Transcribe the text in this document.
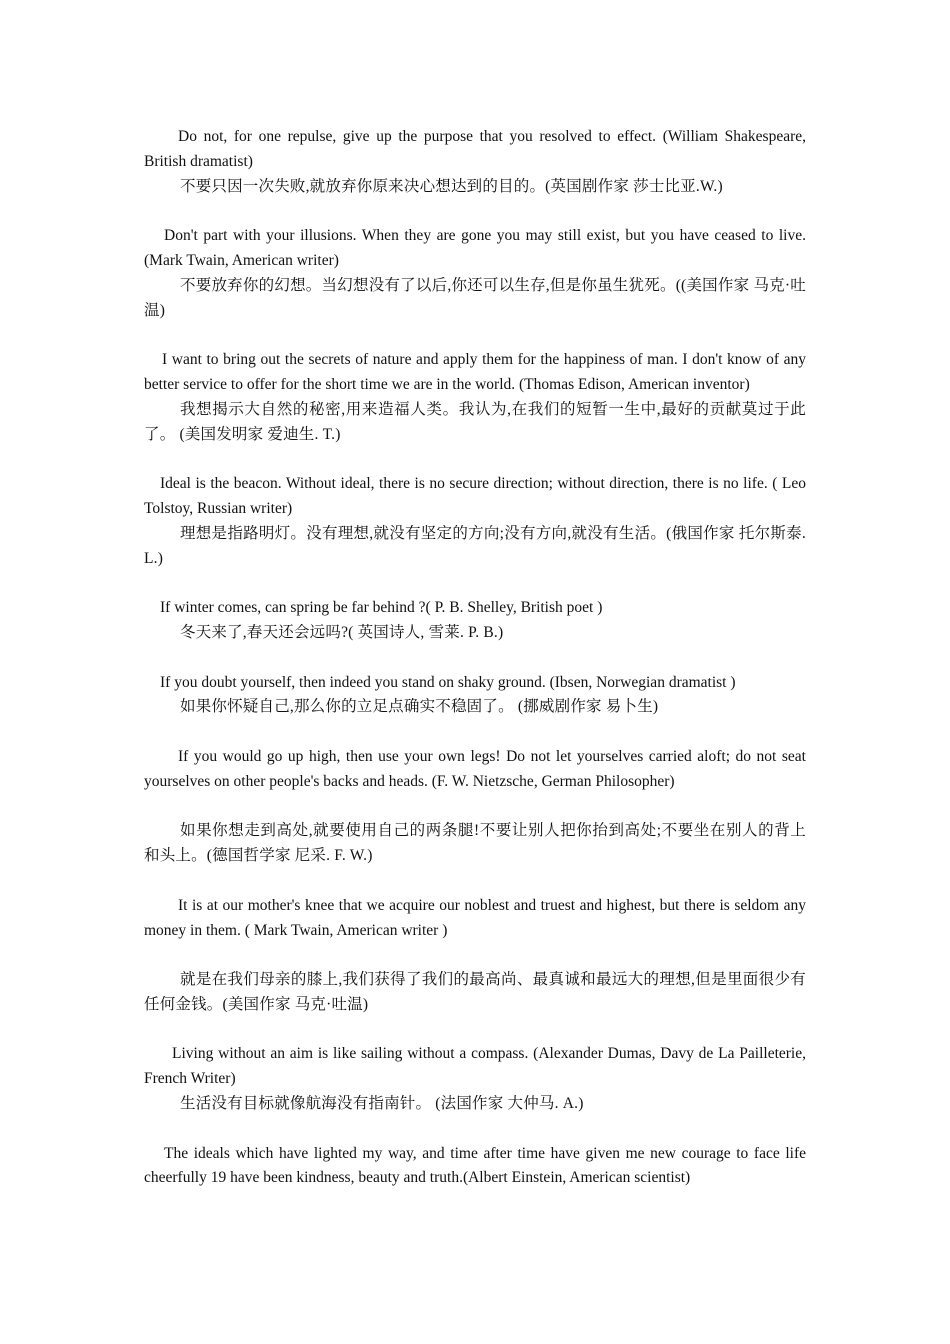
Do not, for one repulse, give up the purpose that you resolved to effect. (William Shakespeare, British dramatist)

不要只因一次失败,就放弃你原来决心想达到的目的。(英国剧作家 莎士比亚.W.)

Don't part with your illusions. When they are gone you may still exist, but you have ceased to live. (Mark Twain, American writer)

不要放弃你的幻想。当幻想没有了以后,你还可以生存,但是你虽生犹死。((美国作家 马克·吐温)

I want to bring out the secrets of nature and apply them for the happiness of man. I don't know of any better service to offer for the short time we are in the world. (Thomas Edison, American inventor)

我想揭示大自然的秘密,用来造福人类。我认为,在我们的短暂一生中,最好的贡献莫过于此了。 (美国发明家 爱迪生. T.)

Ideal is the beacon. Without ideal, there is no secure direction; without direction, there is no life. ( Leo Tolstoy, Russian writer)

理想是指路明灯。没有理想,就没有坚定的方向;没有方向,就没有生活。(俄国作家 托尔斯泰. L.)

If winter comes, can spring be far behind ?( P. B. Shelley, British poet )

冬天来了,春天还会远吗?( 英国诗人, 雪莱. P. B.)

If you doubt yourself, then indeed you stand on shaky ground. (Ibsen, Norwegian dramatist )

如果你怀疑自己,那么你的立足点确实不稳固了。 (挪威剧作家 易卜生)

If you would go up high, then use your own legs! Do not let yourselves carried aloft; do not seat yourselves on other people's backs and heads. (F. W. Nietzsche, German Philosopher)

如果你想走到高处,就要使用自己的两条腿!不要让别人把你抬到高处;不要坐在别人的背上和头上。(德国哲学家 尼采. F. W.)

It is at our mother's knee that we acquire our noblest and truest and highest, but there is seldom any money in them. ( Mark Twain, American writer )

就是在我们母亲的膝上,我们获得了我们的最高尚、最真诚和最远大的理想,但是里面很少有任何金钱。(美国作家 马克·吐温)

Living without an aim is like sailing without a compass. (Alexander Dumas, Davy de La Pailleterie, French Writer)

生活没有目标就像航海没有指南针。 (法国作家 大仲马. A.)

The ideals which have lighted my way, and time after time have given me new courage to face life cheerfully 19 have been kindness, beauty and truth.(Albert Einstein, American scientist)
